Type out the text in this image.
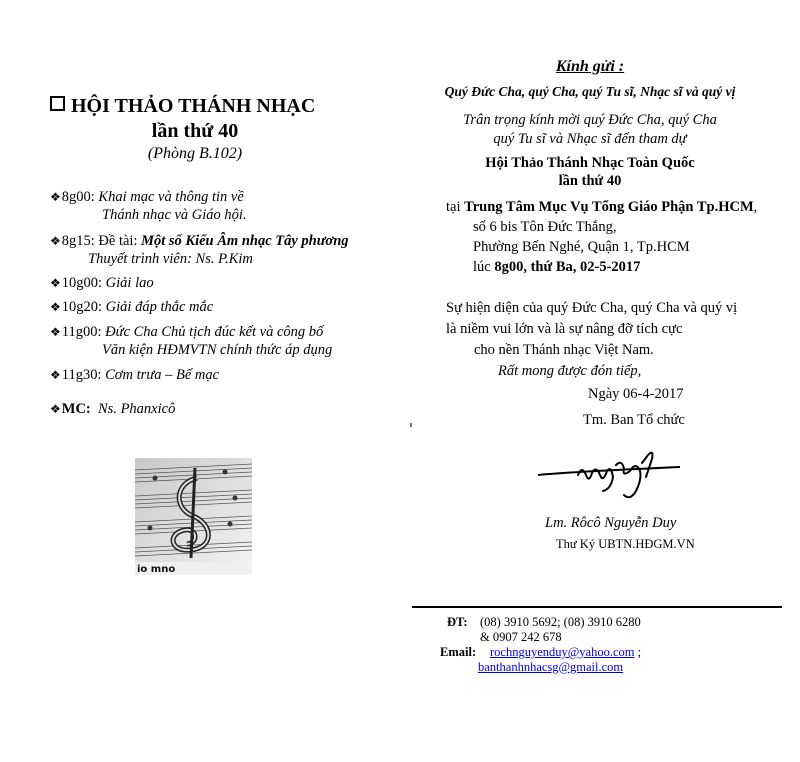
HỘI THẢO THÁNH NHẠC
lần thứ 40
(Phòng B.102)
❖8g00: Khai mạc và thông tin về
Thánh nhạc và Giáo hội.
❖8g15: Đề tài: Một số Kiểu Âm nhạc Tây phương
Thuyết trình viên: Ns. P.Kim
❖10g00: Giải lao
❖10g20: Giải đáp thắc mắc
❖11g00: Đức Cha Chủ tịch đúc kết và công bố
Văn kiện HĐMVTN chính thức áp dụng
❖11g30: Cơm trưa – Bế mạc
❖MC: Ns. Phanxicô
io mno
Kính gửi :
Quý Đức Cha, quý Cha, quý Tu sĩ, Nhạc sĩ và quý vị
Trân trọng kính mời quý Đức Cha, quý Cha
quý Tu sĩ và Nhạc sĩ đến tham dự
Hội Thảo Thánh Nhạc Toàn Quốc
lần thứ 40
tại Trung Tâm Mục Vụ Tổng Giáo Phận Tp.HCM,
số 6 bis Tôn Đức Thắng,
Phường Bến Nghé, Quận 1, Tp.HCM
lúc 8g00, thứ Ba, 02-5-2017
Sự hiện diện của quý Đức Cha, quý Cha và quý vị
là niềm vui lớn và là sự nâng đỡ tích cực
cho nền Thánh nhạc Việt Nam.
Rất mong được đón tiếp,
Ngày 06-4-2017
Tm. Ban Tổ chức
ngduy
Lm. Rôcô Nguyễn Duy
Thư Ký UBTN.HĐGM.VN
ĐT: (08) 3910 5692; (08) 3910 6280
& 0907 242 678
Email: rochnguyenduy@yahoo.com ;
banthanhnhacsg@gmail.com
